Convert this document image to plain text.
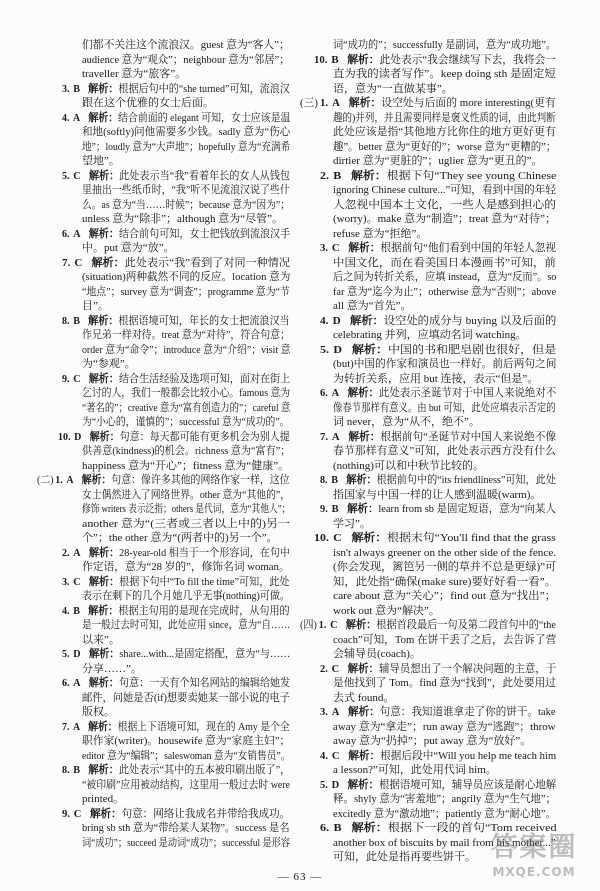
们都不关注这个流浪汉。guest 意为“客人”；
audience 意为“观众”；neighbour 意为“邻居”；
traveller 意为“旅客”。
3. B 解析：根据后句中的“she turned”可知，流浪汉
跟在这个优雅的女士后面。
4. A 解析：结合前面的 elegant 可知，女士应该是温
和地(softly)问他需要多少钱。sadly 意为“伤心
地”；loudly 意为“大声地”；hopefully 意为“充满希
望地”。
5. C 解析：此处表示当“我”看着年长的女人从钱包
里抽出一些纸币时，“我”听不见流浪汉说了些什
么。as 意为“当……时候”；because 意为“因为”；
unless 意为“除非”；although 意为“尽管”。
6. A 解析：结合前句可知，女士把钱放到流浪汉手
中。put 意为“放”。
7. C 解析：此处表示“我”看到了对同一种情况
(situation)两种截然不同的反应。location 意为
“地点”；survey 意为“调查”；programme 意为“节
目”。
8. B 解析：根据语境可知，年长的女士把流浪汉当
作兄弟一样对待。treat 意为“对待”，符合句意；
order 意为“命令”；introduce 意为“介绍”；visit 意
为“参观”。
9. C 解析：结合生活经验及选项可知，面对在街上
乞讨的人，我们一般都会比较小心。famous 意为
“著名的”；creative 意为“富有创造力的”；careful 意
为“小心的，谨慎的”；successful 意为“成功的”。
10. D 解析：句意：每天都可能有更多机会为别人提
供善意(kindness)的机会。richness 意为“富有”；
happiness 意为“开心”；fitness 意为“健康”。
(二) 1. A 解析：句意：像许多其他的网络作家一样，这位
女士偶然进入了网络世界。other 意为“其他的”，
修饰 writers 表示泛指；others 是代词，意为“其他人”；
another 意为“(三者或三者以上中的)另一
个”；the other 意为“(两者中的)另一个”。
2. A 解析：28-year-old 相当于一个形容词，在句中
作定语，意为“28 岁的”，修饰名词 woman。
3. C 解析：根据下句中“To fill the time”可知，此处
表示在剩下的几个月她几乎无事(nothing)可做。
4. B 解析：根据主句用的是现在完成时，从句用的
是一般过去时可知，此处应用 since，意为“自……
以来”。
5. D 解析：share...with...是固定搭配，意为“与……
分享……”。
6. A 解析：句意：一天有个知名网站的编辑给她发
邮件，问她是否(if)想要卖她某一部小说的电子
版权。
7. A 解析：根据上下语境可知，现在的 Amy 是个全
职作家(writer)。housewife 意为“家庭主妇”；
editor 意为“编辑”；saleswoman 意为“女销售员”。
8. B 解析：此处表示“其中的五本被印刷出版了”，
“被印刷”应用被动结构，这里用一般过去时 were
printed。
9. C 解析：句意：网络让我成名并带给我成功。
bring sb sth 意为“带给某人某物”。success 是名
词“成功”；succeed 是动词“成功”；successful 是形容
词“成功的”；successfully 是副词，意为“成功地”。
10. B 解析：此处表示“我会继续写下去，我将会一
直为我的读者写作”。keep doing sth 是固定短
语，意为“一直做某事”。
(三) 1. A 解析：设空处与后面的 more interesting(更有
趣的)并列，并且需要同样是褒义性质的词，由此判断
此处应该是指“其他地方比你住的地方更好更有
趣”。better 意为“更好的”；worse 意为“更糟的”；
dirtier 意为“更脏的”；uglier 意为“更丑的”。
2. B 解析：根据下句“They see young Chinese
ignoring Chinese culture...”可知，看到中国的年轻
人忽视中国本土文化，一些人是感到担心的
(worry)。make 意为“制造”；treat 意为“对待”；
refuse 意为“拒绝”。
3. C 解析：根据前句“他们看到中国的年轻人忽视
中国文化，而在看美国日本漫画书”可知，前
后之间为转折关系，应填 instead，意为“反而”。so
far 意为“迄今为止”；otherwise 意为“否则”；above
all 意为“首先”。
4. D 解析：设空处的成分与 buying 以及后面的
celebrating 并列，应填动名词 watching。
5. D 解析：中国的书和肥皂剧也很好，但是
(but)中国的作家和演员也一样好。前后两句之间
为转折关系，应用 but 连接，表示“但是”。
6. A 解析：此处表示圣诞节对于中国人来说绝对不
像春节那样有意义。由 but 可知，此处应填表示否定的
词 never，意为“从不，绝不”。
7. A 解析：根据前句“圣诞节对中国人来说绝不像
春节那样有意义”可知，此处表示西方没有什么
(nothing)可以和中秋节比较的。
8. B 解析：根据前句中的“its friendliness”可知，此处
指国家与中国一样的让人感到温暖(warm)。
9. B 解析：learn from sb 是固定短语，意为“向某人
学习”。
10. C 解析：根据末句“You'll find that the grass
isn't always greener on the other side of the fence.
(你会发现，篱笆另一侧的草并不总是更绿)”可
知，此处指“确保(make sure)要好好看一看”。
care about 意为“关心”；find out 意为“找出”；
work out 意为“解决”。
(四) 1. C 解析：根据首段最后一句及第二段首句中的“the
coach”可知，Tom 在饼干丢了之后，去告诉了营
会辅导员(coach)。
2. C 解析：辅导员想出了一个解决问题的主意，于
是他找到了 Tom。find 意为“找到”，此处要用过
去式 found。
3. A 解析：句意：我知道谁拿走了你的饼干。take
away 意为“拿走”；run away 意为“逃跑”；throw
away 意为“扔掉”；put away 意为“放好”。
4. C 解析：根据后段中“Will you help me teach him
a lesson?”可知，此处用代词 him。
5. D 解析：根据语境可知，辅导员应该是耐心地解
释。shyly 意为“害羞地”；angrily 意为“生气地”；
excitedly 意为“激动地”；patiently 意为“耐心地”。
6. B 解析：根据下一段的首句“Tom received
another box of biscuits by mail from his mother...”
可知，此处是指再要些饼干。
— 63 —
答案圈
MXQE.COM
